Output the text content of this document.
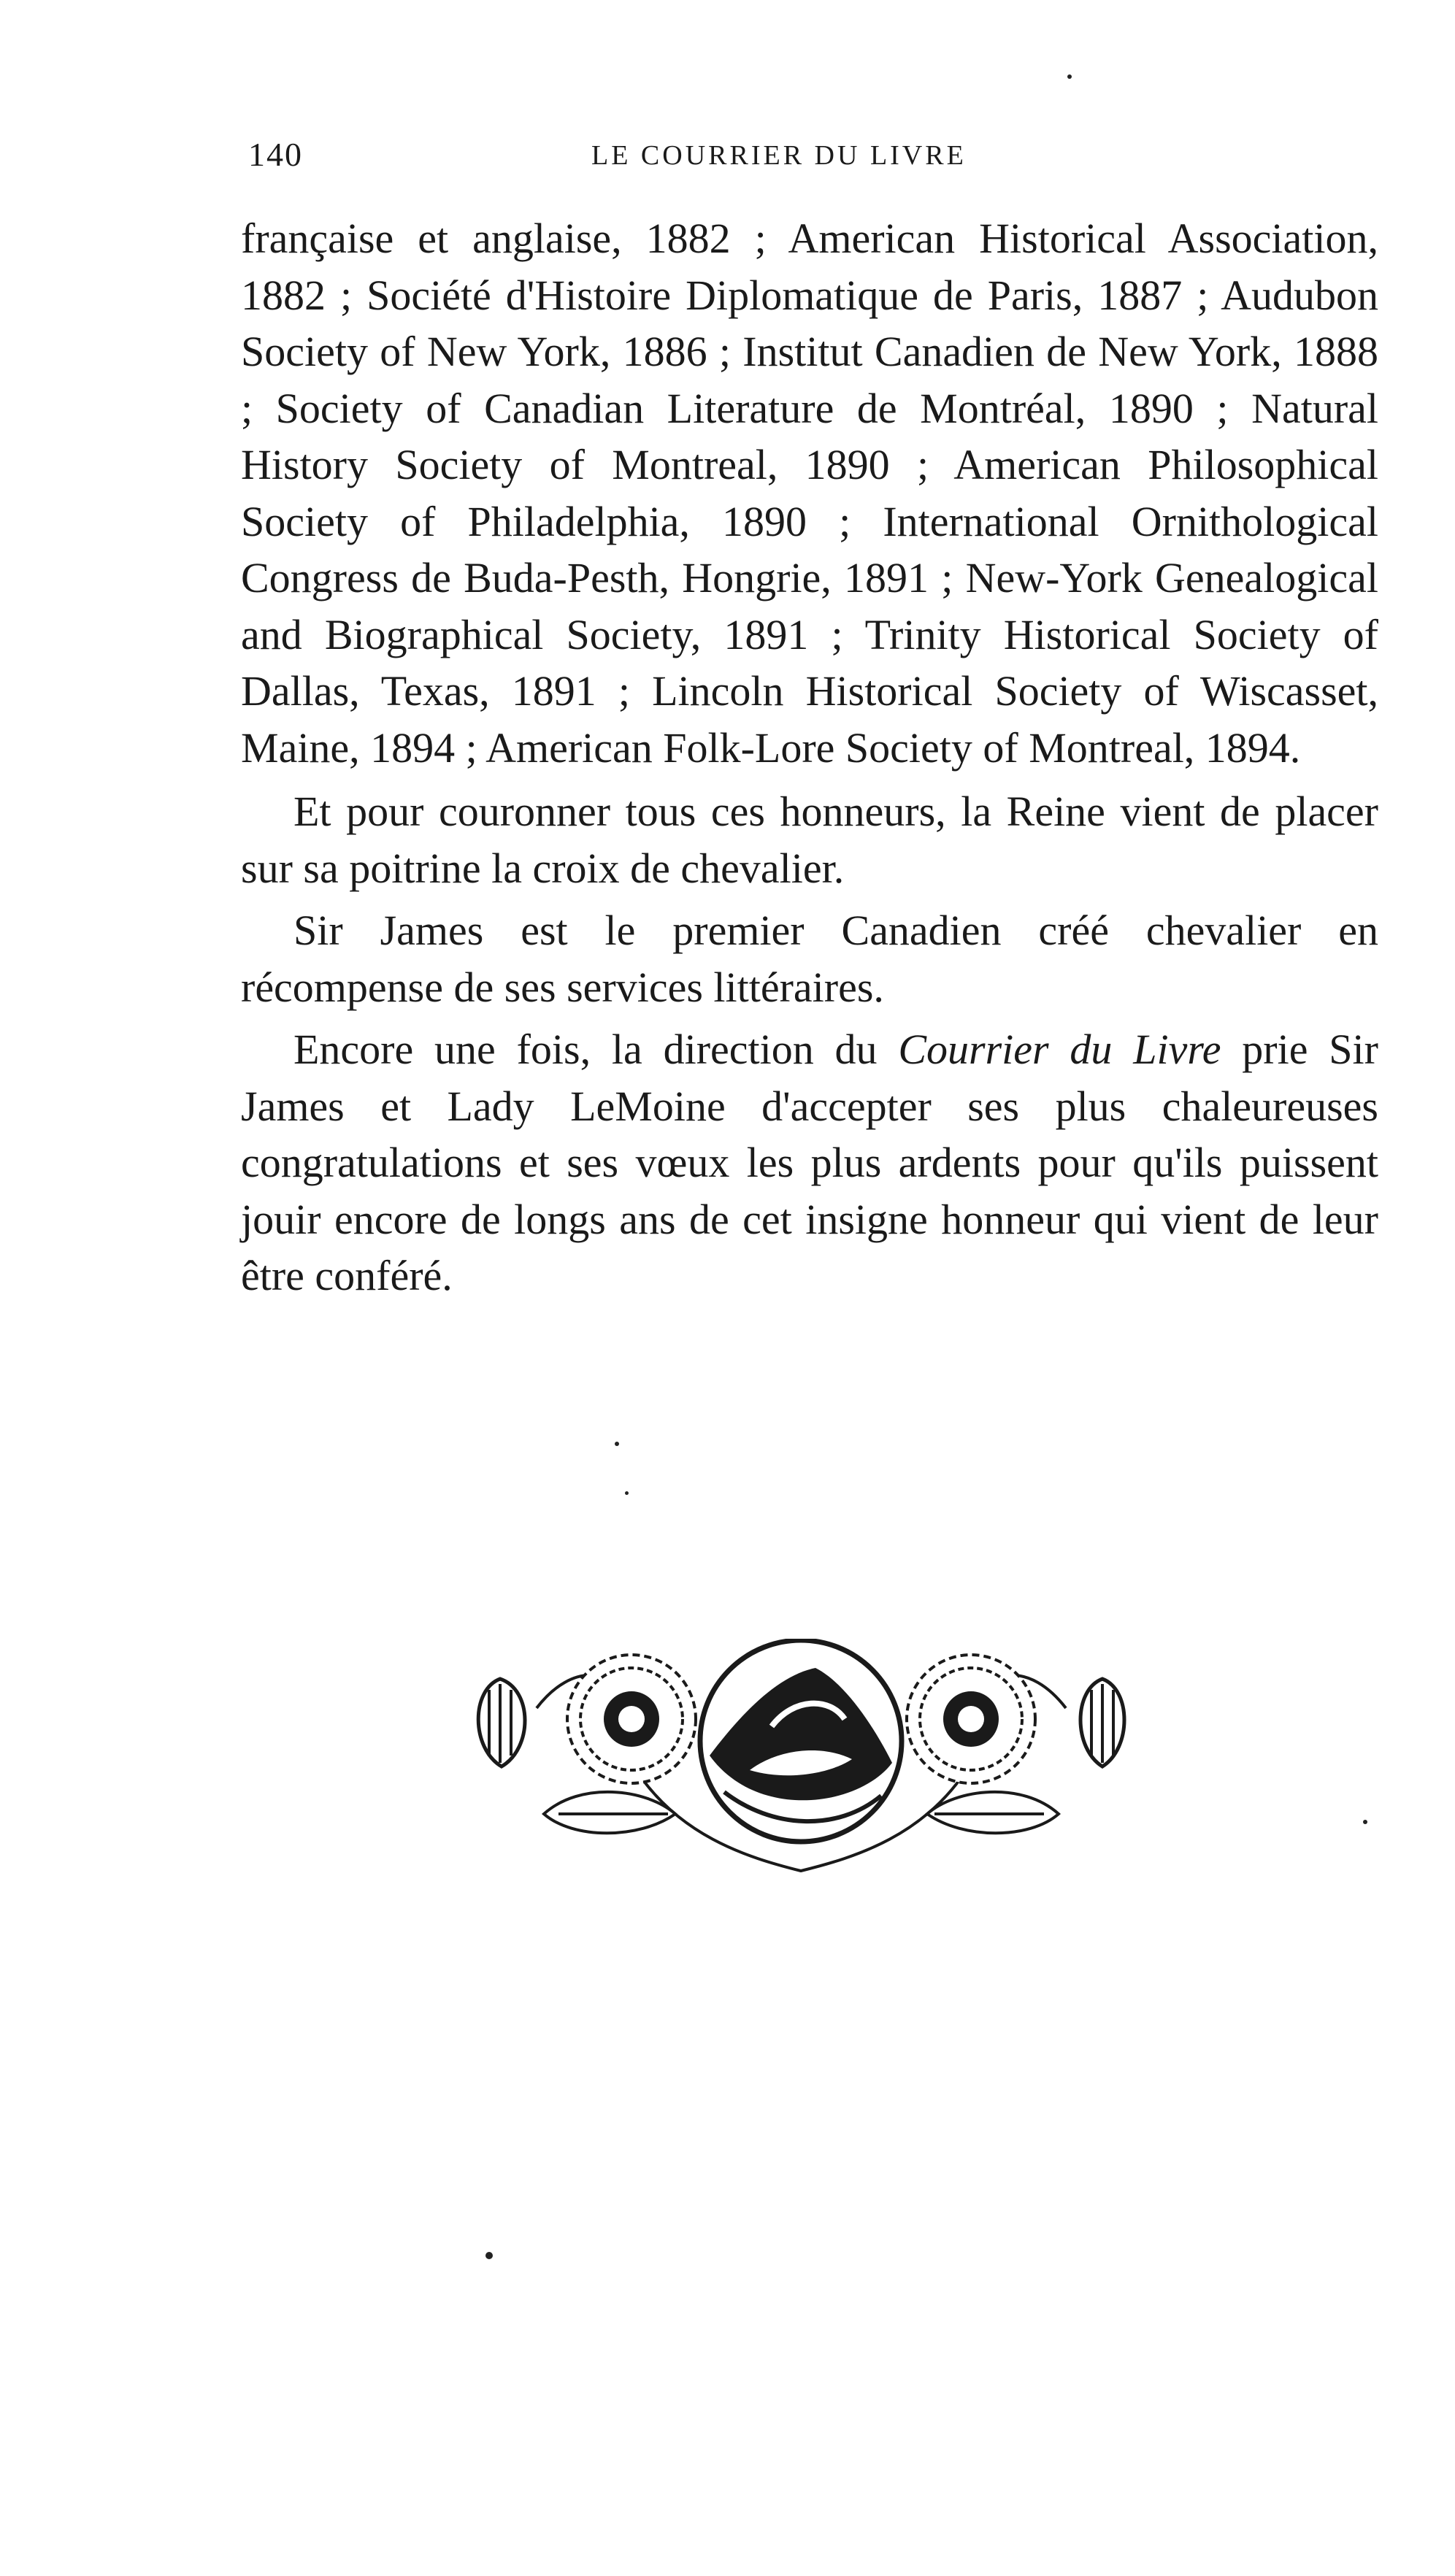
140	LE COURRIER DU LIVRE

française et anglaise, 1882 ; American Historical Association, 1882 ; Société d'Histoire Diplomatique de Paris, 1887 ; Audubon Society of New York, 1886 ; Institut Canadien de New York, 1888 ; Society of Canadian Literature de Montréal, 1890 ; Natural History Society of Montreal, 1890 ; American Philosophical Society of Philadelphia, 1890 ; International Ornithological Congress de Buda-Pesth, Hongrie, 1891 ; New-York Genealogical and Biographical Society, 1891 ; Trinity Historical Society of Dallas, Texas, 1891 ; Lincoln Historical Society of Wiscasset, Maine, 1894 ; American Folk-Lore Society of Montreal, 1894.

Et pour couronner tous ces honneurs, la Reine vient de placer sur sa poitrine la croix de chevalier.

Sir James est le premier Canadien créé chevalier en récompense de ses services littéraires.

Encore une fois, la direction du Courrier du Livre prie Sir James et Lady LeMoine d'accepter ses plus chaleureuses congratulations et ses vœux les plus ardents pour qu'ils puissent jouir encore de longs ans de cet insigne honneur qui vient de leur être conféré.
